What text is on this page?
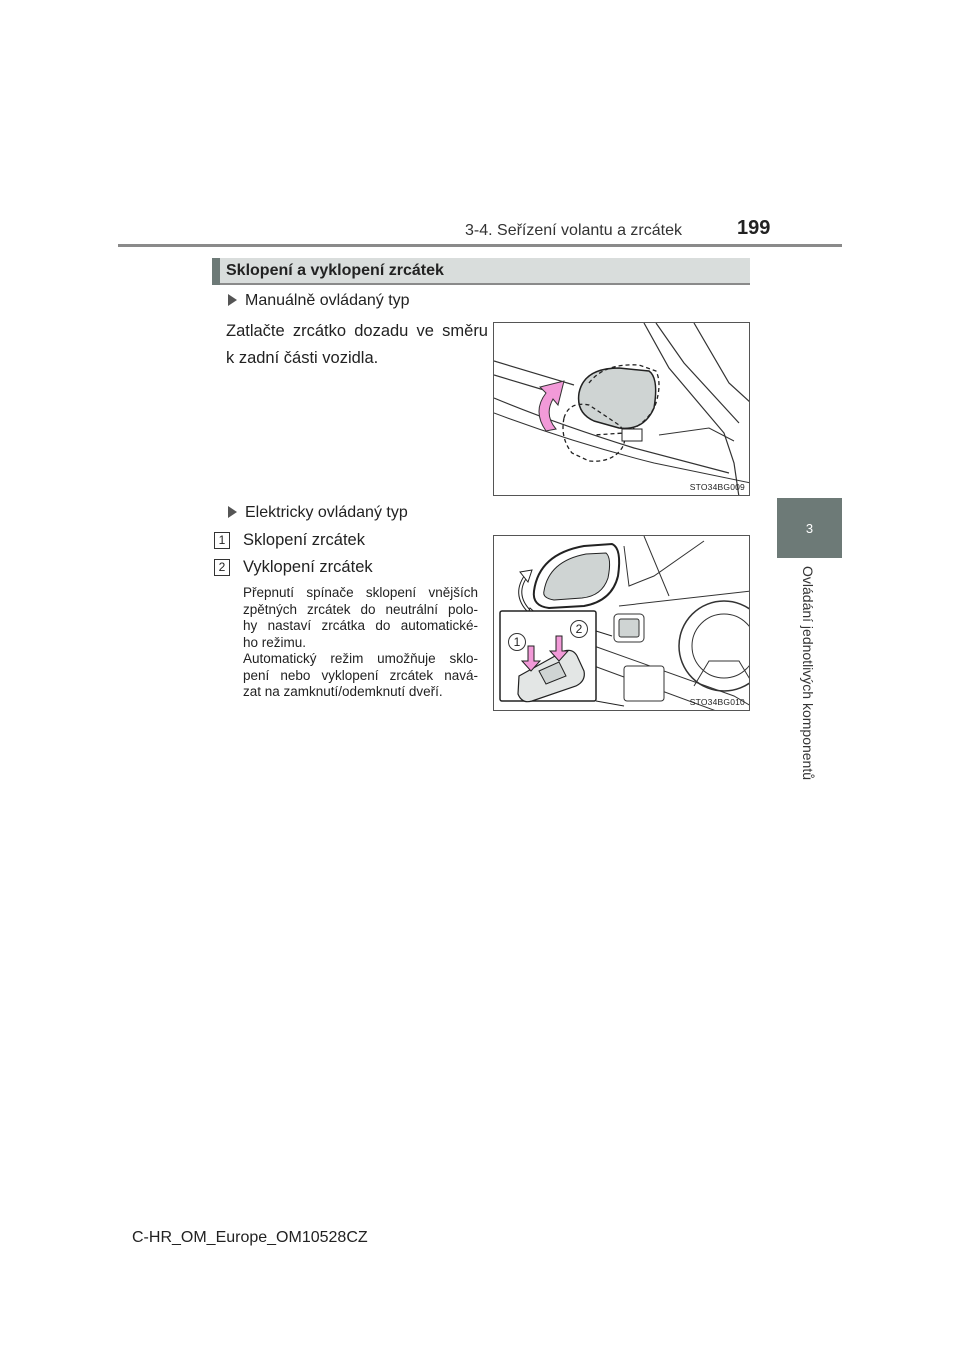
3-4. Seřízení volantu a zrcátek	199
3
Ovládání jednotlivých komponentů
Sklopení a vyklopení zrcátek
Manuálně ovládaný typ
Zatlačte zrcátko dozadu ve směru
k zadní části vozidla.
STO34BG009
Elektricky ovládaný typ
1 Sklopení zrcátek
2 Vyklopení zrcátek
Přepnutí spínače sklopení vnějších
zpětných zrcátek do neutrální polo-
hy nastaví zrcátka do automatické-
ho režimu.
Automatický režim umožňuje sklo-
pení nebo vyklopení zrcátek navá-
zat na zamknutí/odemknutí dveří.
1
2
STO34BG010
C-HR_OM_Europe_OM10528CZ
